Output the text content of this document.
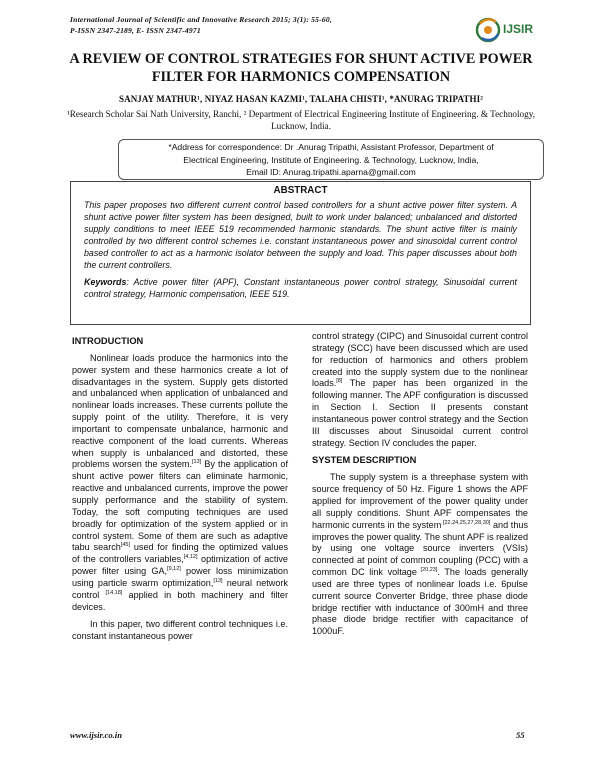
International Journal of Scientific and Innovative Research 2015; 3(1): 55-60,
P-ISSN 2347-2189, E- ISSN 2347-4971	IJSIR
A REVIEW OF CONTROL STRATEGIES FOR SHUNT ACTIVE POWER FILTER FOR HARMONICS COMPENSATION
SANJAY MATHUR¹, NIYAZ HASAN KAZMI¹, TALAHA CHISTI¹, *ANURAG TRIPATHI²
¹Research Scholar Sai Nath University, Ranchi, ² Department of Electrical Engineering Institute of Engineering. & Technology, Lucknow, India.
*Address for correspondence: Dr .Anurag Tripathi, Assistant Professor, Department of
Electrical Engineering, Institute of Engineering. & Technology, Lucknow, India,
Email ID: Anurag.tripathi.aparna@gmail.com
ABSTRACT
This paper proposes two different current control based controllers for a shunt active power filter system. A shunt active power filter system has been designed, built to work under balanced; unbalanced and distorted supply conditions to meet IEEE 519 recommended harmonic standards. The shunt active filter is mainly controlled by two different control schemes i.e. constant instantaneous power and sinusoidal current control based controller to act as a harmonic isolator between the supply and load. This paper discusses about both the current controllers.
Keywords: Active power filter (APF), Constant instantaneous power control strategy, Sinusoidal current control strategy, Harmonic compensation, IEEE 519.
INTRODUCTION

Nonlinear loads produce the harmonics into the power system and these harmonics create a lot of disadvantages in the system. Supply gets distorted and unbalanced when application of unbalanced and nonlinear loads increases. These currents pollute the supply point of the utility. Therefore, it is very important to compensate unbalance, harmonic and reactive component of the load currents. Whereas when supply is unbalanced and distorted, these problems worsen the system.[13] By the application of shunt active power filters can eliminate harmonic, reactive and unbalanced currents, improve the power supply performance and the stability of system. Today, the soft computing techniques are used broadly for optimization of the system applied or in control system. Some of them are such as adaptive tabu search[45] used for finding the optimized values of the controllers variables,[4,12] optimization of active power filter using GA,[9,12] power loss minimization using particle swarm optimization,[13] neural network control [14,18] applied in both machinery and filter devices.

In this paper, two different control techniques i.e. constant instantaneous power

control strategy (CIPC) and Sinusoidal current control strategy (SCC) have been discussed which are used for reduction of harmonics and others problem created into the supply system due to the nonlinear loads.[8] The paper has been organized in the following manner. The APF configuration is discussed in Section I. Section II presents constant instantaneous power control strategy and the Section III discusses about Sinusoidal current control strategy. Section IV concludes the paper.

SYSTEM DESCRIPTION

The supply system is a threephase system with source frequency of 50 Hz. Figure 1 shows the APF applied for improvement of the power quality under all supply conditions. Shunt APF compensates the harmonic currents in the system [22,24,25,27,28,30] and thus improves the power quality. The shunt APF is realized by using one voltage source inverters (VSIs) connected at point of common coupling (PCC) with a common DC link voltage [20,23]. The loads generally used are three types of nonlinear loads i.e. 6pulse current source Converter Bridge, three phase diode bridge rectifier with inductance of 300mH and three phase diode bridge rectifier with capacitance of 1000uF.

www.ijsir.co.in	55
